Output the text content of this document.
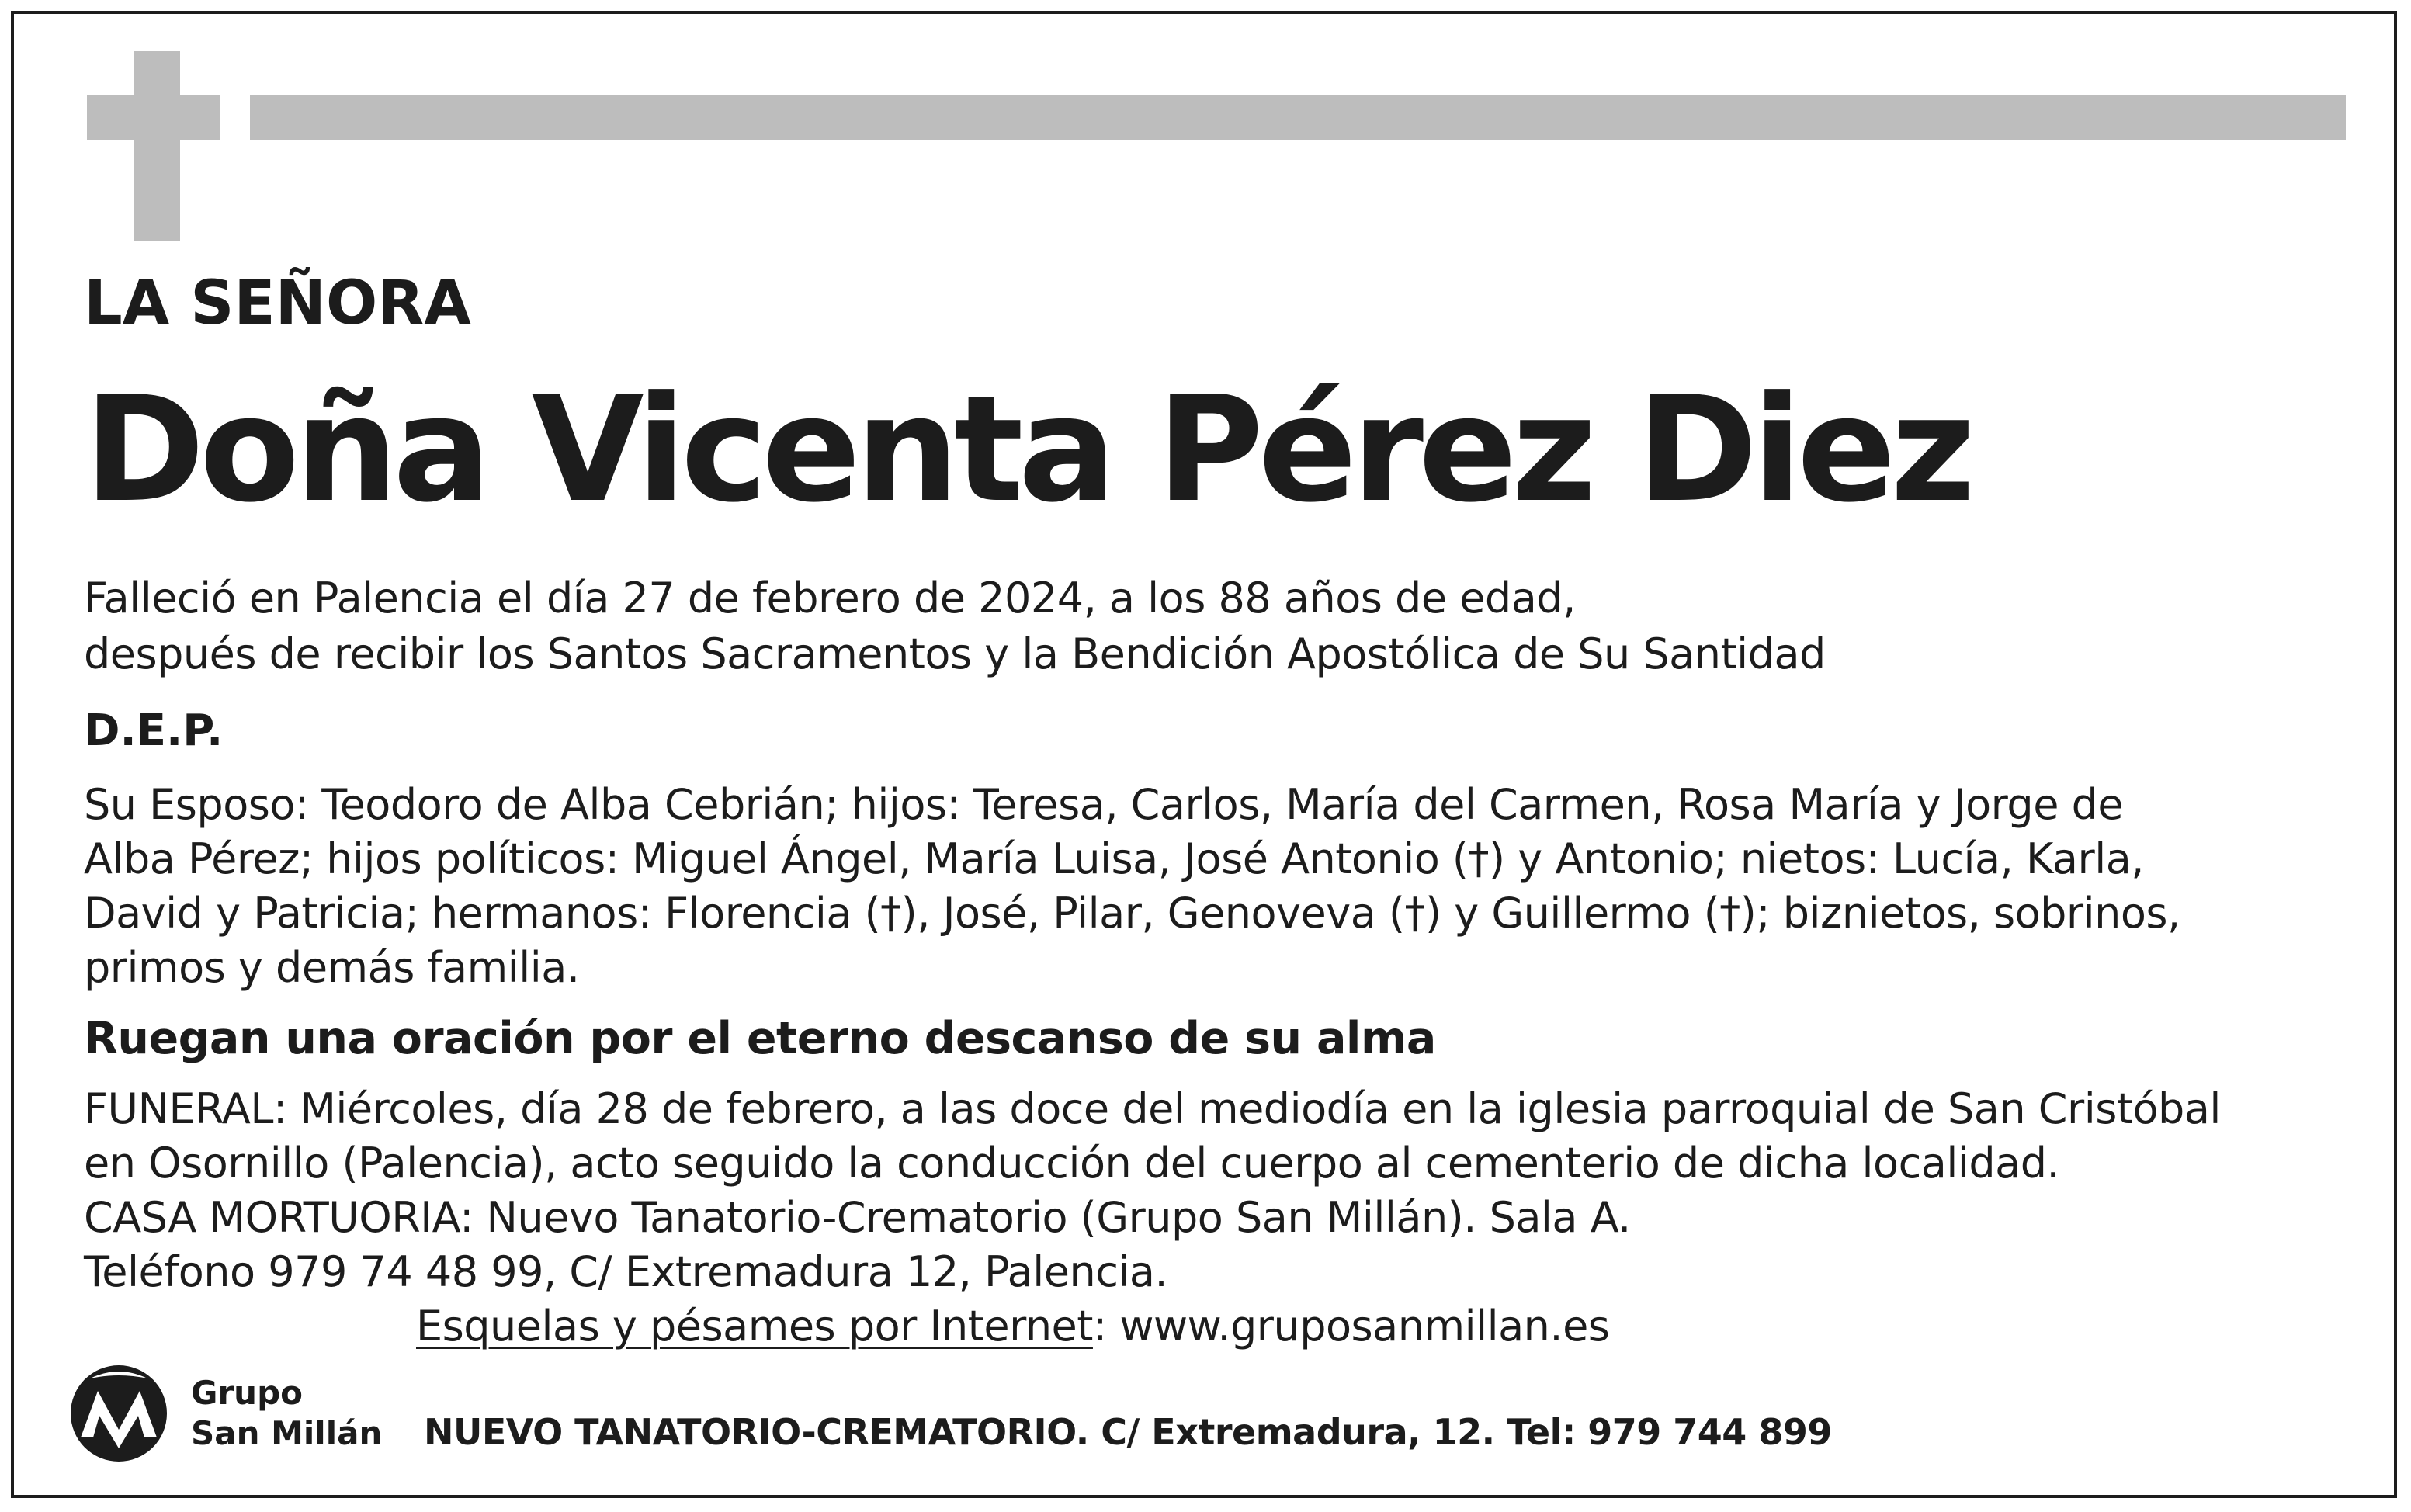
LA SEÑORA
Doña Vicenta Pérez Diez
Falleció en Palencia el día 27 de febrero de 2024, a los 88 años de edad,
después de recibir los Santos Sacramentos y la Bendición Apostólica de Su Santidad
D.E.P.
Su Esposo: Teodoro de Alba Cebrián; hijos: Teresa, Carlos, María del Carmen, Rosa María y Jorge de
Alba Pérez; hijos políticos: Miguel Ángel, María Luisa, José Antonio (†) y Antonio; nietos: Lucía, Karla,
David y Patricia; hermanos: Florencia (†), José, Pilar, Genoveva (†) y Guillermo (†); biznietos, sobrinos,
primos y demás familia.
Ruegan una oración por el eterno descanso de su alma
FUNERAL: Miércoles, día 28 de febrero, a las doce del mediodía en la iglesia parroquial de San Cristóbal
en Osornillo (Palencia), acto seguido la conducción del cuerpo al cementerio de dicha localidad.
CASA MORTUORIA: Nuevo Tanatorio-Crematorio (Grupo San Millán). Sala A.
Teléfono 979 74 48 99, C/ Extremadura 12, Palencia.
Esquelas y pésames por Internet: www.gruposanmillan.es
Grupo
San Millán NUEVO TANATORIO-CREMATORIO. C/ Extremadura, 12. Tel: 979 744 899
